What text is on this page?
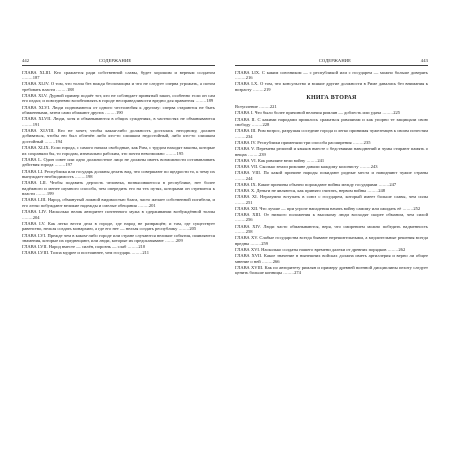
442	СОДЕРЖАНИЕ
ГЛАВА XLIII. Кто сражается ради собственной славы, будет хорошим и верным солдатом ........187
ГЛАВА XLIV. О том, что толпа без вождя беспомощна и что не следует сперва угрожать, а потом требовать власти ........188
ГЛАВА XLV. Дурной пример подаёт тот, кто не соблюдает принятый закон, особенно если он сам его издал; и повседневно возобновлять в городе несправедливости вредно для правителя ........189
ГЛАВА XLVI. Люди поднимаются от одного честолюбия к другому: сперва стараются не быть обиженными, затем сами обижают других ........190
ГЛАВА XLVII. Люди, хотя и обманываются в общих суждениях, в частностях не обманываются ........191
ГЛАВА XLVIII. Кто не хочет, чтобы какая-либо должность досталась негодному, должен добиваться, чтобы ею был облечён либо кто-то слишком недостойный, либо кто-то слишком достойный ........194
ГЛАВА XLIX. Если города, с самого начала свободные, как Рим, с трудом находят законы, которые их сохраняли бы, то городам, изначально рабским, это почти невозможно ........195
ГЛАВА L. Один совет или одно должностное лицо не должны иметь возможности останавливать действия города ........197
ГЛАВА LI. Республика или государь должны делать вид, что совершают по щедрости то, к чему их вынуждает необходимость ........198
ГЛАВА LII. Чтобы подавить дерзость человека, возвысившегося в республике, нет более надёжного и менее шумного способа, чем опередить его на тех путях, которыми он стремится к власти ........199
ГЛАВА LIII. Народ, обманутый ложной видимостью блага, часто желает собственной погибели, и его легко побуждают великие надежды и смелые обещания ........201
ГЛАВА LIV. Насколько велик авторитет почтенного мужа в сдерживании возбуждённой толпы ........204
ГЛАВА LV. Как легко вести дела в городе, где народ не развращён; и там, где существует равенство, нельзя создать монархию, а где его нет — нельзя создать республику ........205
ГЛАВА LVI. Прежде чем в каком-либо городе или стране случаются великие события, появляются знамения, которые их предвещают, или люди, которые их предсказывают ........209
ГЛАВА LVII. Народ вместе — силён, порознь — слаб ........210
ГЛАВА LVIII. Толпа мудрее и постояннее, чем государь ........211
СОДЕРЖАНИЕ	443
ГЛАВА LIX. С каким союзником — с республикой или с государем — можно больше доверять ........216
ГЛАВА LX. О том, что консульство и всякие другие должности в Риме давались без внимания к возрасту ........219
КНИГА ВТОРАЯ
Вступление ........221
ГЛАВА I. Что было более причиной величия римлян — доблесть или удача ........225
ГЛАВА II. С какими народами пришлось сражаться римлянам и как упорно те защищали свою свободу ........228
ГЛАВА III. Рим возрос, разрушая соседние города и легко принимая чужеземцев к своим почестям ........234
ГЛАВА IV. Республики применяли три способа расширения ........235
ГЛАВА V. Перемена религий и языков вместе с бедствиями наводнений и чумы стирают память о вещах ........239
ГЛАВА VI. Как римляне вели войну ........241
ГЛАВА VII. Сколько земли римляне давали каждому колонисту ........243
ГЛАВА VIII. По какой причине народы покидают родные места и наводняют чужие страны ........244
ГЛАВА IX. Какие причины обычно порождают войны между государями ........247
ГЛАВА X. Деньги не являются, как принято считать, нервом войны ........248
ГЛАВА XI. Неразумно вступать в союз с государем, который имеет больше славы, чем силы ........251
ГЛАВА XII. Что лучше — при угрозе нападения начать войну самому или ожидать её ........252
ГЛАВА XIII. От низкого положения к высокому люди восходят скорее обманом, чем силой ........256
ГЛАВА XIV. Люди часто обманываются, веря, что смирением можно победить надменность ........258
ГЛАВА XV. Слабые государства всегда бывают нерешительными, а медлительные решения всегда вредны ........259
ГЛАВА XVI. Насколько солдаты нашего времени далеки от древних порядков ........262
ГЛАВА XVII. Какое значение в нынешних войсках должна иметь артиллерия и верно ли общее мнение о ней ........266
ГЛАВА XVIII. Как по авторитету римлян и примеру древней военной дисциплины пехоту следует ценить больше конницы ........274
